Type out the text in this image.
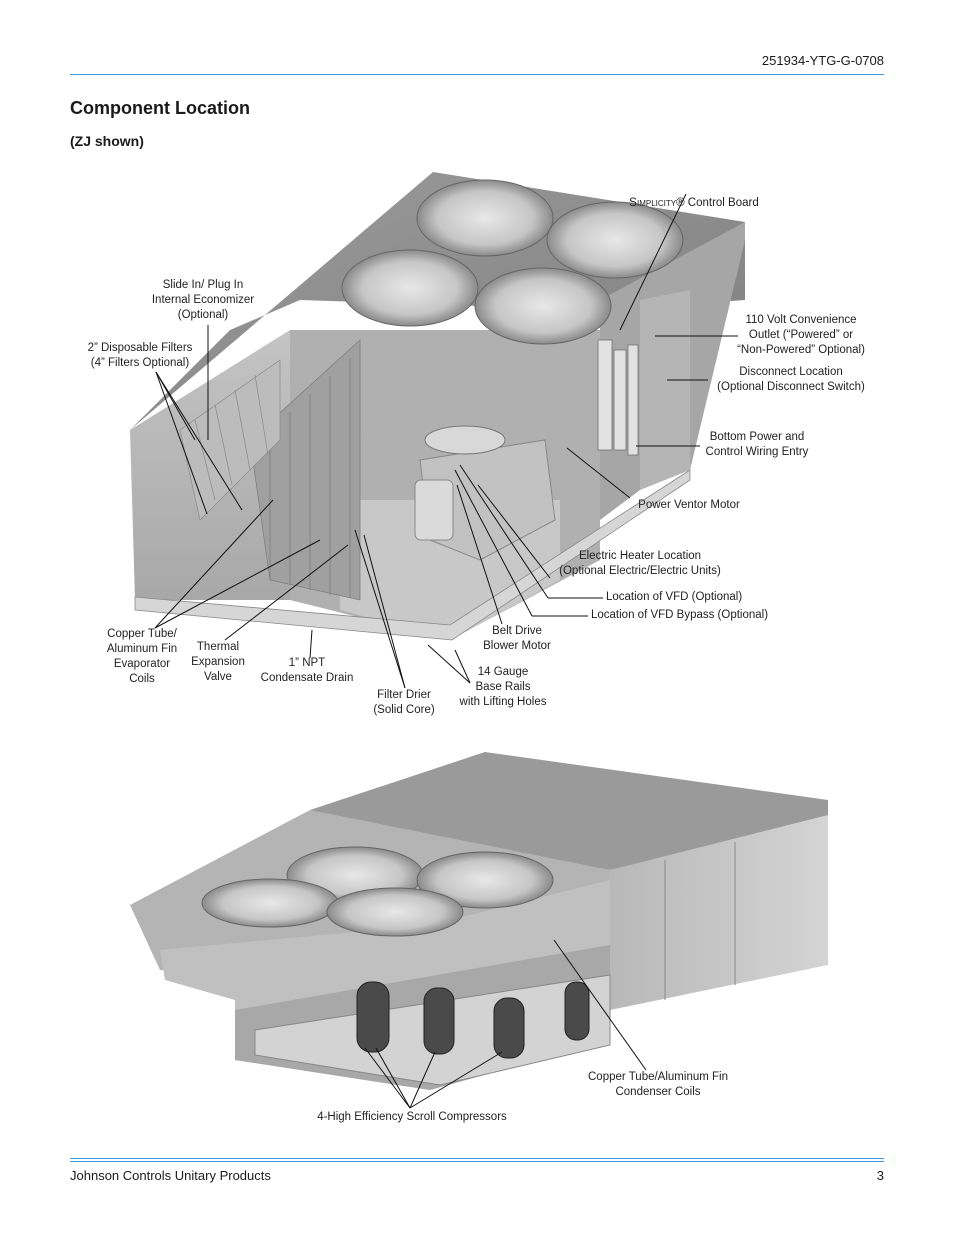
251934-YTG-G-0708
Component Location
(ZJ shown)

Simplicity® Control Board

Slide In/ Plug In
Internal Economizer
(Optional)
2” Disposable Filters
(4” Filters Optional)
110 Volt Convenience
Outlet (“Powered” or
“Non-Powered” Optional)
Disconnect Location
(Optional Disconnect Switch)
Bottom Power and
Control Wiring Entry
Power Ventor Motor
Electric Heater Location
(Optional Electric/Electric Units)
Location of VFD (Optional)
Location of VFD Bypass (Optional)
Copper Tube/
Aluminum Fin
Evaporator
Coils
Thermal
Expansion
Valve
1” NPT
Condensate Drain
Belt Drive
Blower Motor
14 Gauge
Base Rails
with Lifting Holes
Filter Drier
(Solid Core)
Copper Tube/Aluminum Fin
Condenser Coils
4-High Efficiency Scroll Compressors
Johnson Controls Unitary Products	3
